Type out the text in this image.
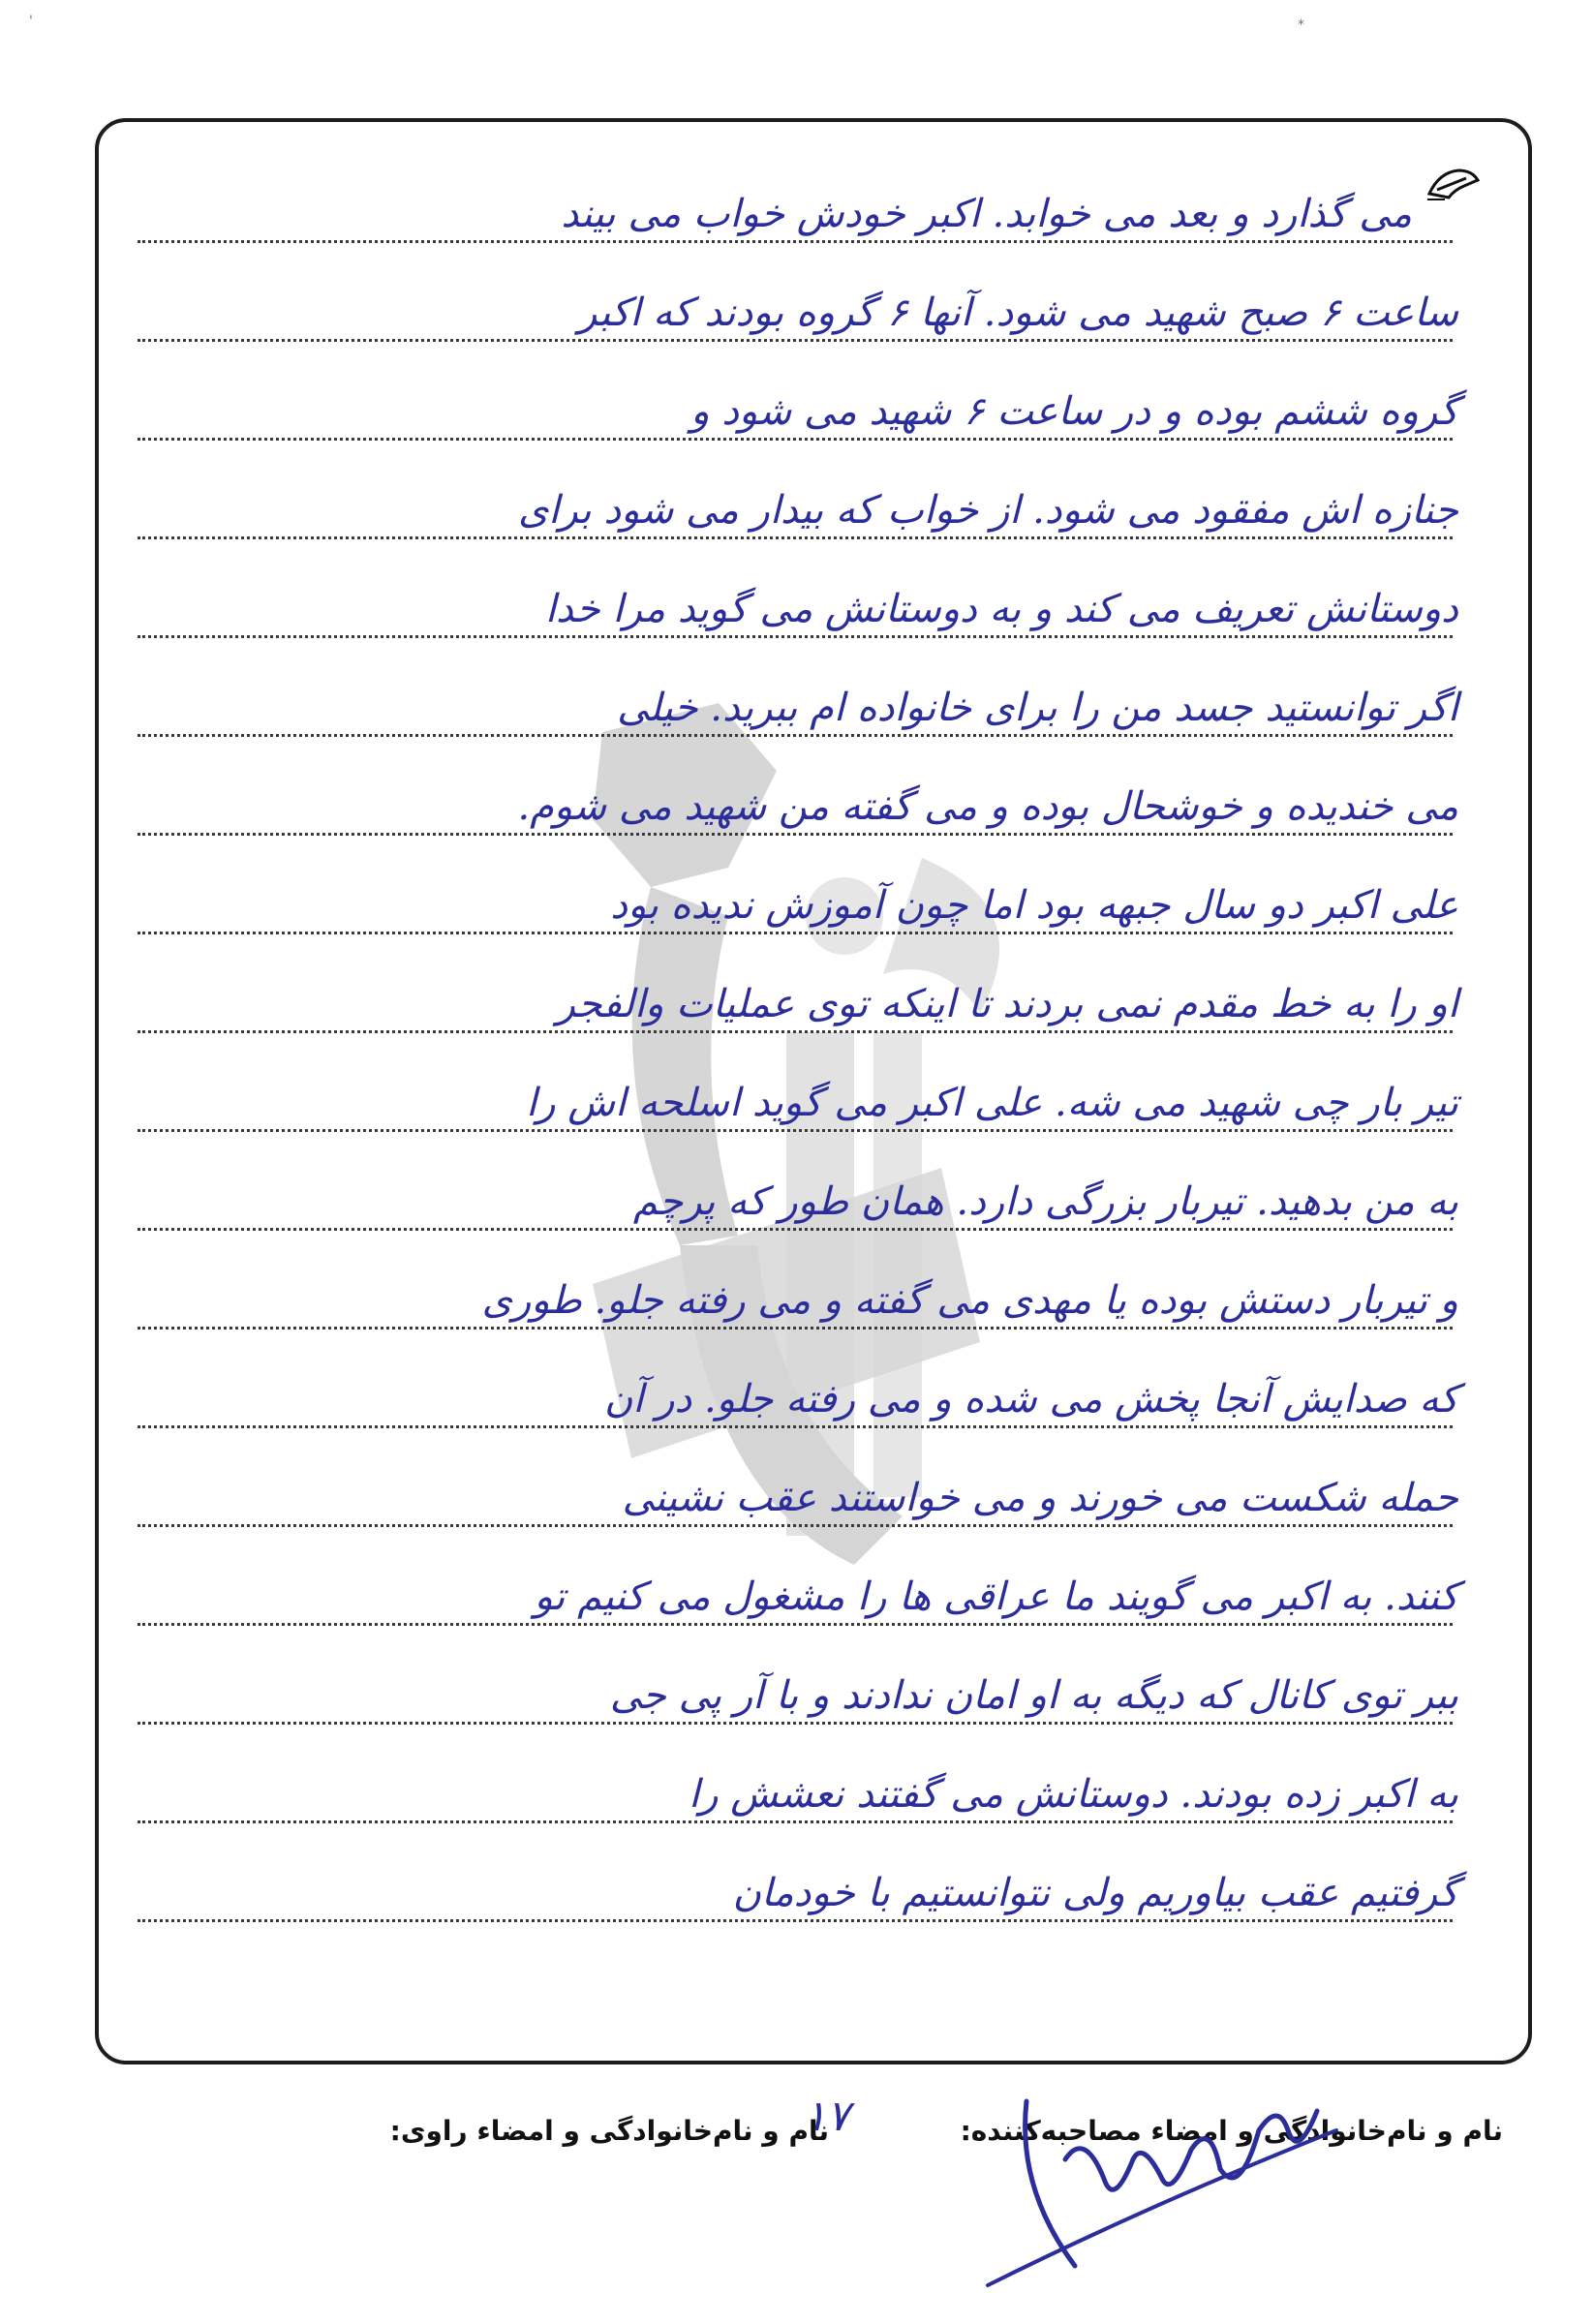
'	*
می گذارد و بعد می خوابد. اکبر خودش خواب می بیند
ساعت ۶ صبح شهید می شود. آنها ۶ گروه بودند که اکبر
گروه ششم بوده و در ساعت ۶ شهید می شود و
جنازه اش مفقود می شود. از خواب که بیدار می شود برای
دوستانش تعریف می کند و به دوستانش می گوید مرا خدا
اگر توانستید جسد من را برای خانواده ام ببرید. خیلی
می خندیده و خوشحال بوده و می گفته من شهید می شوم.
علی اکبر دو سال جبهه بود اما چون آموزش ندیده بود
او را به خط مقدم نمی بردند تا اینکه توی عملیات والفجر
تیر بار چی شهید می شه. علی اکبر می گوید اسلحه اش را
به من بدهید. تیربار بزرگی دارد. همان طور که پرچم
و تیربار دستش بوده یا مهدی می گفته و می رفته جلو. طوری
که صدایش آنجا پخش می شده و می رفته جلو. در آن
حمله شکست می خورند و می خواستند عقب نشینی
کنند. به اکبر می گویند ما عراقی ها را مشغول می کنیم تو
ببر توی کانال که دیگه به او امان ندادند و با آر پی جی
به اکبر زده بودند. دوستانش می گفتند نعشش را
گرفتیم عقب بیاوریم ولی نتوانستیم با خودمان
نام و نام‌خانوادگی و امضاء مصاحبه‌کننده:
نام و نام‌خانوادگی و امضاء راوی:
۱۷
